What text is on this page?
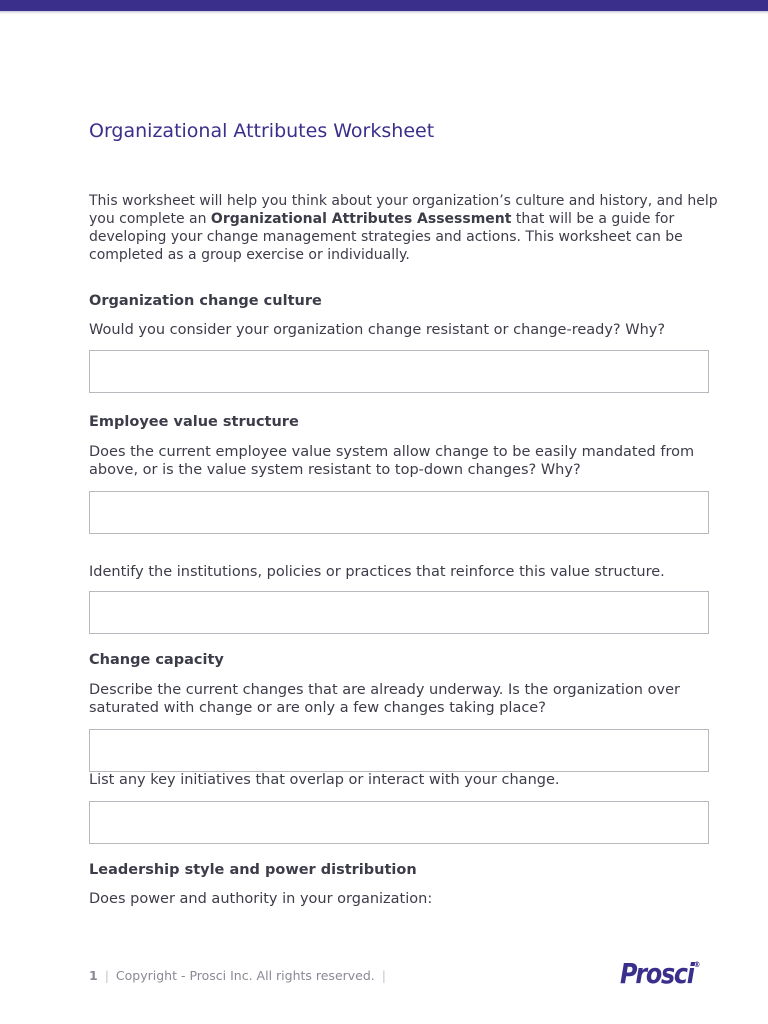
Organizational Attributes Worksheet
This worksheet will help you think about your organization’s culture and history, and help you complete an Organizational Attributes Assessment that will be a guide for developing your change management strategies and actions. This worksheet can be completed as a group exercise or individually.
Organization change culture
Would you consider your organization change resistant or change-ready? Why?
Employee value structure
Does the current employee value system allow change to be easily mandated from above, or is the value system resistant to top-down changes? Why?
Identify the institutions, policies or practices that reinforce this value structure.
Change capacity
Describe the current changes that are already underway. Is the organization over saturated with change or are only a few changes taking place?
List any key initiatives that overlap or interact with your change.
Leadership style and power distribution
Does power and authority in your organization:
1 | Copyright - Prosci Inc. All rights reserved. |	Prosci®
